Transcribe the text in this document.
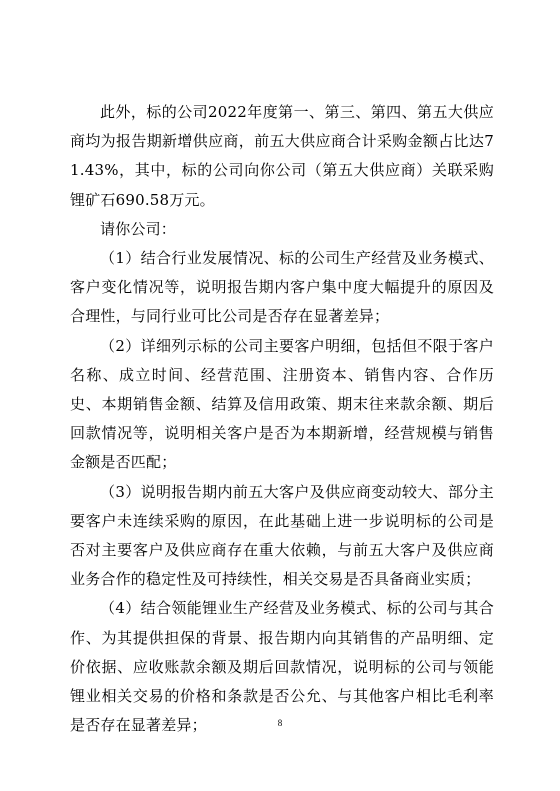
此外，标的公司2022年度第一、第三、第四、第五大供应商均为报告期新增供应商，前五大供应商合计采购金额占比达71.43%，其中，标的公司向你公司（第五大供应商）关联采购锂矿石690.58万元。

请你公司：

（1）结合行业发展情况、标的公司生产经营及业务模式、客户变化情况等，说明报告期内客户集中度大幅提升的原因及合理性，与同行业可比公司是否存在显著差异；

（2）详细列示标的公司主要客户明细，包括但不限于客户名称、成立时间、经营范围、注册资本、销售内容、合作历史、本期销售金额、结算及信用政策、期末往来款余额、期后回款情况等，说明相关客户是否为本期新增，经营规模与销售金额是否匹配；

（3）说明报告期内前五大客户及供应商变动较大、部分主要客户未连续采购的原因，在此基础上进一步说明标的公司是否对主要客户及供应商存在重大依赖，与前五大客户及供应商业务合作的稳定性及可持续性，相关交易是否具备商业实质；

（4）结合领能锂业生产经营及业务模式、标的公司与其合作、为其提供担保的背景、报告期内向其销售的产品明细、定价依据、应收账款余额及期后回款情况，说明标的公司与领能锂业相关交易的价格和条款是否公允、与其他客户相比毛利率是否存在显著差异；	8
